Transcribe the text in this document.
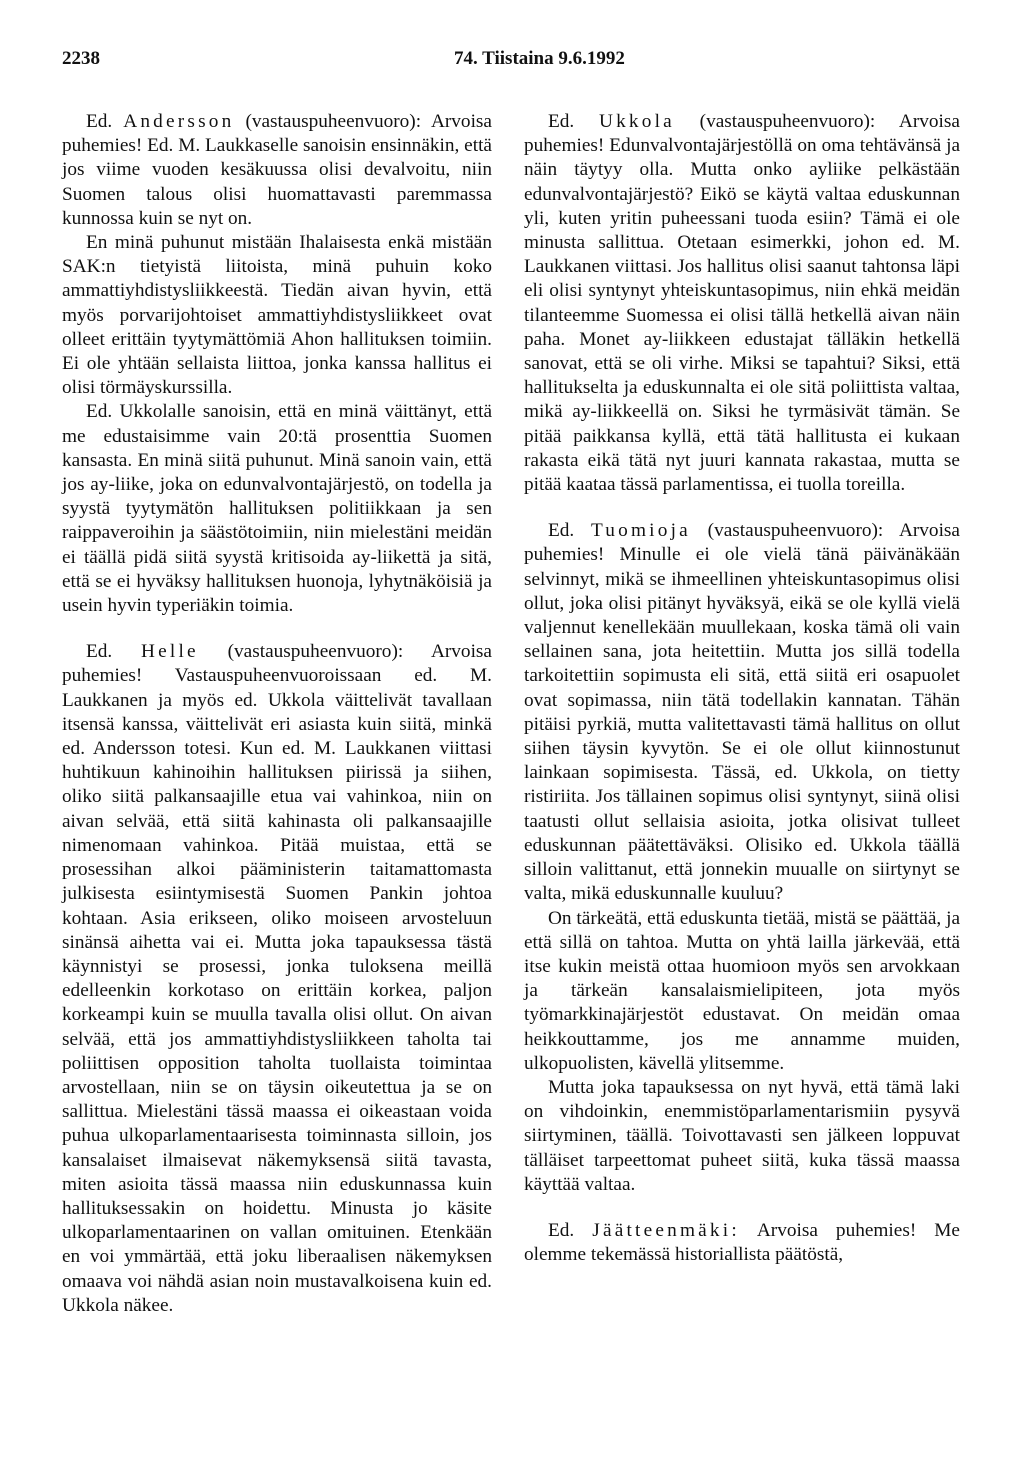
2238	74. Tiistaina 9.6.1992

Ed. Andersson (vastauspuheenvuoro): Arvoisa puhemies! Ed. M. Laukkaselle sanoisin ensinnäkin, että jos viime vuoden kesäkuussa olisi devalvoitu, niin Suomen talous olisi huomattavasti paremmassa kunnossa kuin se nyt on.

En minä puhunut mistään Ihalaisesta enkä mistään SAK:n tietyistä liitoista, minä puhuin koko ammattiyhdistysliikkeestä. Tiedän aivan hyvin, että myös porvarijohtoiset ammattiyhdistysliikkeet ovat olleet erittäin tyytymättömiä Ahon hallituksen toimiin. Ei ole yhtään sellaista liittoa, jonka kanssa hallitus ei olisi törmäyskurssilla.

Ed. Ukkolalle sanoisin, että en minä väittänyt, että me edustaisimme vain 20:tä prosenttia Suomen kansasta. En minä siitä puhunut. Minä sanoin vain, että jos ay-liike, joka on edunvalvontajärjestö, on todella ja syystä tyytymätön hallituksen politiikkaan ja sen raippaveroihin ja säästötoimiin, niin mielestäni meidän ei täällä pidä siitä syystä kritisoida ay-liikettä ja sitä, että se ei hyväksy hallituksen huonoja, lyhytnäköisiä ja usein hyvin typeriäkin toimia.

Ed. Helle (vastauspuheenvuoro): Arvoisa puhemies! Vastauspuheenvuoroissaan ed. M. Laukkanen ja myös ed. Ukkola väittelivät tavallaan itsensä kanssa, väittelivät eri asiasta kuin siitä, minkä ed. Andersson totesi. Kun ed. M. Laukkanen viittasi huhtikuun kahinoihin hallituksen piirissä ja siihen, oliko siitä palkansaajille etua vai vahinkoa, niin on aivan selvää, että siitä kahinasta oli palkansaajille nimenomaan vahinkoa. Pitää muistaa, että se prosessihan alkoi pääministerin taitamattomasta julkisesta esiintymisestä Suomen Pankin johtoa kohtaan. Asia erikseen, oliko moiseen arvosteluun sinänsä aihetta vai ei. Mutta joka tapauksessa tästä käynnistyi se prosessi, jonka tuloksena meillä edelleenkin korkotaso on erittäin korkea, paljon korkeampi kuin se muulla tavalla olisi ollut. On aivan selvää, että jos ammattiyhdistysliikkeen taholta tai poliittisen opposition taholta tuollaista toimintaa arvostellaan, niin se on täysin oikeutettua ja se on sallittua. Mielestäni tässä maassa ei oikeastaan voida puhua ulkoparlamentaarisesta toiminnasta silloin, jos kansalaiset ilmaisevat näkemyksensä siitä tavasta, miten asioita tässä maassa niin eduskunnassa kuin hallituksessakin on hoidettu. Minusta jo käsite ulkoparlamentaarinen on vallan omituinen. Etenkään en voi ymmärtää, että joku liberaalisen näkemyksen omaava voi nähdä asian noin mustavalkoisena kuin ed. Ukkola näkee.

Ed. Ukkola (vastauspuheenvuoro): Arvoisa puhemies! Edunvalvontajärjestöllä on oma tehtävänsä ja näin täytyy olla. Mutta onko ayliike pelkästään edunvalvontajärjestö? Eikö se käytä valtaa eduskunnan yli, kuten yritin puheessani tuoda esiin? Tämä ei ole minusta sallittua. Otetaan esimerkki, johon ed. M. Laukkanen viittasi. Jos hallitus olisi saanut tahtonsa läpi eli olisi syntynyt yhteiskuntasopimus, niin ehkä meidän tilanteemme Suomessa ei olisi tällä hetkellä aivan näin paha. Monet ay-liikkeen edustajat tälläkin hetkellä sanovat, että se oli virhe. Miksi se tapahtui? Siksi, että hallitukselta ja eduskunnalta ei ole sitä poliittista valtaa, mikä ay-liikkeellä on. Siksi he tyrmäsivät tämän. Se pitää paikkansa kyllä, että tätä hallitusta ei kukaan rakasta eikä tätä nyt juuri kannata rakastaa, mutta se pitää kaataa tässä parlamentissa, ei tuolla toreilla.

Ed. Tuomioja (vastauspuheenvuoro): Arvoisa puhemies! Minulle ei ole vielä tänä päivänäkään selvinnyt, mikä se ihmeellinen yhteiskuntasopimus olisi ollut, joka olisi pitänyt hyväksyä, eikä se ole kyllä vielä valjennut kenellekään muullekaan, koska tämä oli vain sellainen sana, jota heitettiin. Mutta jos sillä todella tarkoitettiin sopimusta eli sitä, että siitä eri osapuolet ovat sopimassa, niin tätä todellakin kannatan. Tähän pitäisi pyrkiä, mutta valitettavasti tämä hallitus on ollut siihen täysin kyvytön. Se ei ole ollut kiinnostunut lainkaan sopimisesta. Tässä, ed. Ukkola, on tietty ristiriita. Jos tällainen sopimus olisi syntynyt, siinä olisi taatusti ollut sellaisia asioita, jotka olisivat tulleet eduskunnan päätettäväksi. Olisiko ed. Ukkola täällä silloin valittanut, että jonnekin muualle on siirtynyt se valta, mikä eduskunnalle kuuluu?

On tärkeätä, että eduskunta tietää, mistä se päättää, ja että sillä on tahtoa. Mutta on yhtä lailla järkevää, että itse kukin meistä ottaa huomioon myös sen arvokkaan ja tärkeän kansalaismielipiteen, jota myös työmarkkinajärjestöt edustavat. On meidän omaa heikkouttamme, jos me annamme muiden, ulkopuolisten, kävellä ylitsemme.

Mutta joka tapauksessa on nyt hyvä, että tämä laki on vihdoinkin, enemmistöparlamentarismiin pysyvä siirtyminen, täällä. Toivottavasti sen jälkeen loppuvat tälläiset tarpeettomat puheet siitä, kuka tässä maassa käyttää valtaa.

Ed. Jäätteenmäki: Arvoisa puhemies! Me olemme tekemässä historiallista päätöstä,
